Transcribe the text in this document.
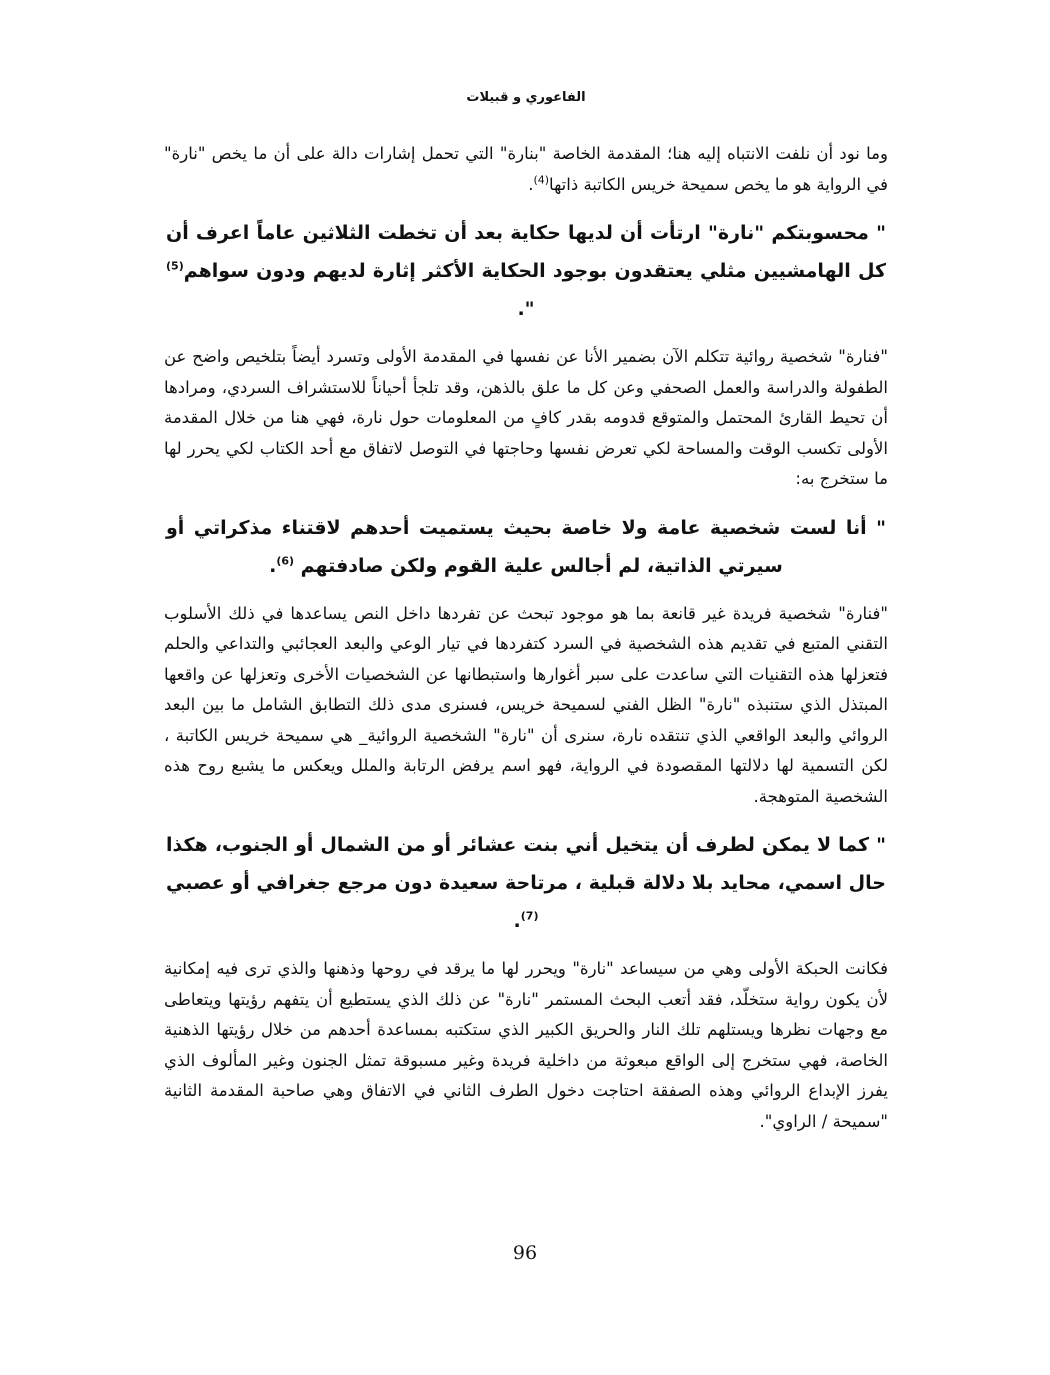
الفاعوري و قبيلات

وما نود أن نلفت الانتباه إليه هنا؛ المقدمة الخاصة "بنارة" التي تحمل إشارات دالة على أن ما يخص "نارة" في الرواية هو ما يخص سميحة خريس الكاتبة ذاتها$^{(4)}$.

" محسوبتكم "نارة" ارتأت أن لديها حكاية بعد أن تخطت الثلاثين عاماً اعرف أن كل الهامشيين مثلي يعتقدون بوجود الحكاية الأكثر إثارة لديهم ودون سواهم$^{(5)}$ ".

"فنارة" شخصية روائية تتكلم الآن بضمير الأنا عن نفسها في المقدمة الأولى وتسرد أيضاً بتلخيص واضح عن الطفولة والدراسة والعمل الصحفي وعن كل ما علق بالذهن، وقد تلجأ أحياناً للاستشراف السردي، ومرادها أن تحيط القارئ المحتمل والمتوقع قدومه بقدر كافٍ من المعلومات حول نارة، فهي هنا من خلال المقدمة الأولى تكسب الوقت والمساحة لكي تعرض نفسها وحاجتها في التوصل لاتفاق مع أحد الكتاب لكي يحرر لها ما ستخرج به:

" أنا لست شخصية عامة ولا خاصة بحيث يستميت أحدهم لاقتناء مذكراتي أو سيرتي الذاتية، لم أجالس علية القوم ولكن صادفتهم $^{(6)}$.

"فنارة" شخصية فريدة غير قانعة بما هو موجود تبحث عن تفردها داخل النص يساعدها في ذلك الأسلوب التقني المتبع في تقديم هذه الشخصية في السرد كتفردها في تيار الوعي والبعد العجائبي والتداعي والحلم فتعزلها هذه التقنيات التي ساعدت على سبر أغوارها واستبطانها عن الشخصيات الأخرى وتعزلها عن واقعها المبتذل الذي ستنبذه "نارة" الظل الفني لسميحة خريس، فسنرى مدى ذلك التطابق الشامل ما بين البعد الروائي والبعد الواقعي الذي تنتقده نارة، سنرى أن "نارة" الشخصية الروائية_ هي سميحة خريس الكاتبة ، لكن التسمية لها دلالتها المقصودة في الرواية، فهو اسم يرفض الرتابة والملل ويعكس ما يشبع روح هذه الشخصية المتوهجة.

" كما لا يمكن لطرف أن يتخيل أني بنت عشائر أو من الشمال أو الجنوب، هكذا حال اسمي، محايد بلا دلالة قبلية ، مرتاحة سعيدة دون مرجع جغرافي أو عصبي $^{(7)}$.

فكانت الحبكة الأولى وهي من سيساعد "نارة" ويحرر لها ما يرقد في روحها وذهنها والذي ترى فيه إمكانية لأن يكون رواية ستخلّد، فقد أتعب البحث المستمر "نارة" عن ذلك الذي يستطيع أن يتفهم رؤيتها ويتعاطى مع وجهات نظرها ويستلهم تلك النار والحريق الكبير الذي ستكتبه بمساعدة أحدهم من خلال رؤيتها الذهنية الخاصة، فهي ستخرج إلى الواقع مبعوثة من داخلية فريدة وغير مسبوقة تمثل الجنون وغير المألوف الذي يفرز الإبداع الروائي وهذه الصفقة احتاجت دخول الطرف الثاني في الاتفاق وهي صاحبة المقدمة الثانية "سميحة / الراوي".

96
